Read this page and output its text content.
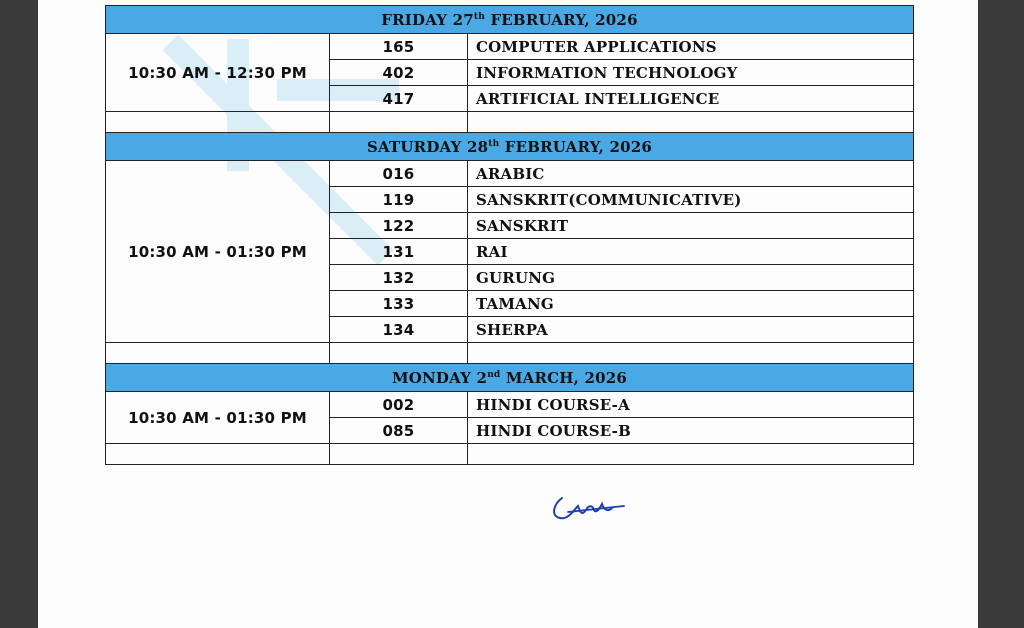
FRIDAY 27th FEBRUARY, 2026		
10:30 AM - 12:30 PM	165	COMPUTER APPLICATIONS
	402	INFORMATION TECHNOLOGY
	417	ARTIFICIAL INTELLIGENCE

SATURDAY 28th FEBRUARY, 2026		
10:30 AM - 01:30 PM	016	ARABIC
	119	SANSKRIT(COMMUNICATIVE)
	122	SANSKRIT
	131	RAI
	132	GURUNG
	133	TAMANG
	134	SHERPA

MONDAY 2nd MARCH, 2026		
10:30 AM - 01:30 PM	002	HINDI COURSE-A
	085	HINDI COURSE-B
